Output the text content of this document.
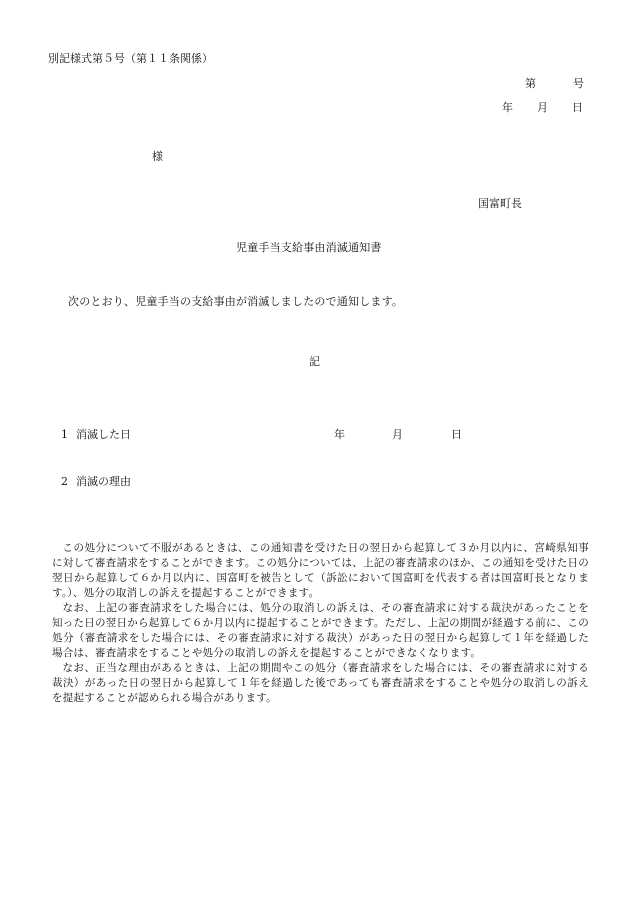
別記様式第５号（第１１条関係）
第	号
年 月 日
様
国富町長
児童手当支給事由消滅通知書
次のとおり、児童手当の支給事由が消滅しましたので通知します。
記
1 消滅した日	年	月	日
2 消滅の理由

この処分について不服があるときは、この通知書を受けた日の翌日から起算して３か月以内に、宮崎県知事に対して審査請求をすることができます。この処分については、上記の審査請求のほか、この通知を受けた日の翌日から起算して６か月以内に、国富町を被告として（訴訟において国富町を代表する者は国富町長となります。）、処分の取消しの訴えを提起することができます。

なお、上記の審査請求をした場合には、処分の取消しの訴えは、その審査請求に対する裁決があったことを知った日の翌日から起算して６か月以内に提起することができます。ただし、上記の期間が経過する前に、この処分（審査請求をした場合には、その審査請求に対する裁決）があった日の翌日から起算して１年を経過した場合は、審査請求をすることや処分の取消しの訴えを提起することができなくなります。

なお、正当な理由があるときは、上記の期間やこの処分（審査請求をした場合には、その審査請求に対する裁決）があった日の翌日から起算して１年を経過した後であっても審査請求をすることや処分の取消しの訴えを提起することが認められる場合があります。
